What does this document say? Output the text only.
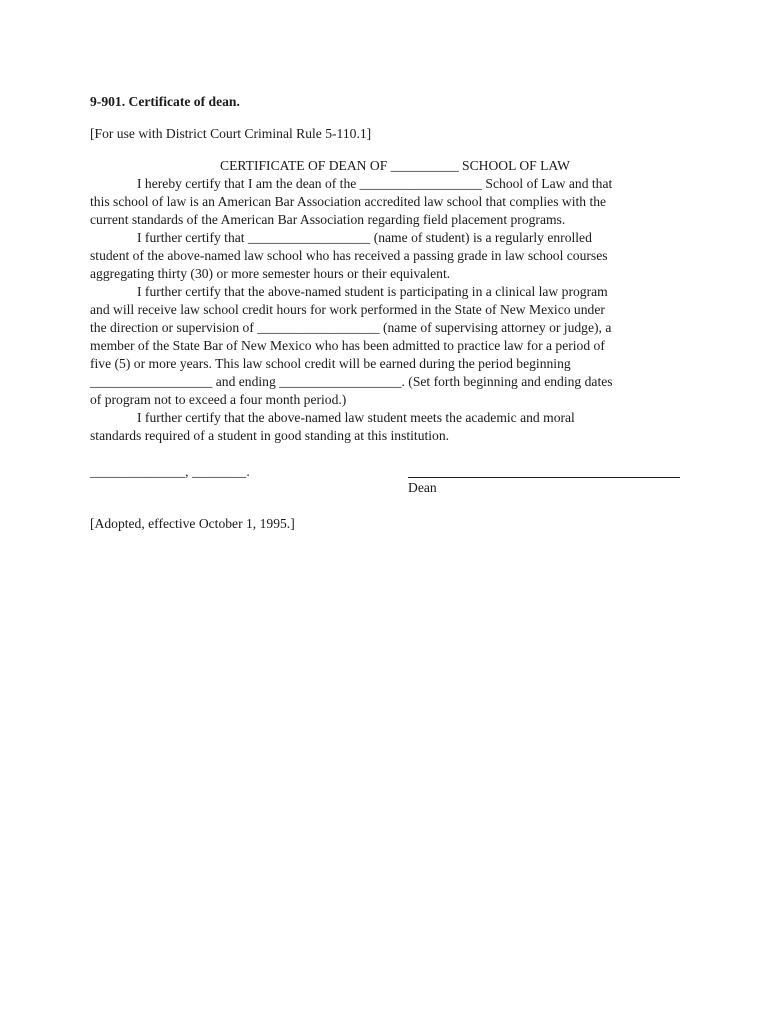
9-901. Certificate of dean.

[For use with District Court Criminal Rule 5-110.1]

CERTIFICATE OF DEAN OF __________ SCHOOL OF LAW

I hereby certify that I am the dean of the __________________ School of Law and that
this school of law is an American Bar Association accredited law school that complies with the
current standards of the American Bar Association regarding field placement programs.

I further certify that __________________ (name of student) is a regularly enrolled
student of the above-named law school who has received a passing grade in law school courses
aggregating thirty (30) or more semester hours or their equivalent.

I further certify that the above-named student is participating in a clinical law program
and will receive law school credit hours for work performed in the State of New Mexico under
the direction or supervision of __________________ (name of supervising attorney or judge), a
member of the State Bar of New Mexico who has been admitted to practice law for a period of
five (5) or more years. This law school credit will be earned during the period beginning
__________________ and ending __________________. (Set forth beginning and ending dates
of program not to exceed a four month period.)

I further certify that the above-named law student meets the academic and moral
standards required of a student in good standing at this institution.

______________, ________.
Dean

[Adopted, effective October 1, 1995.]
